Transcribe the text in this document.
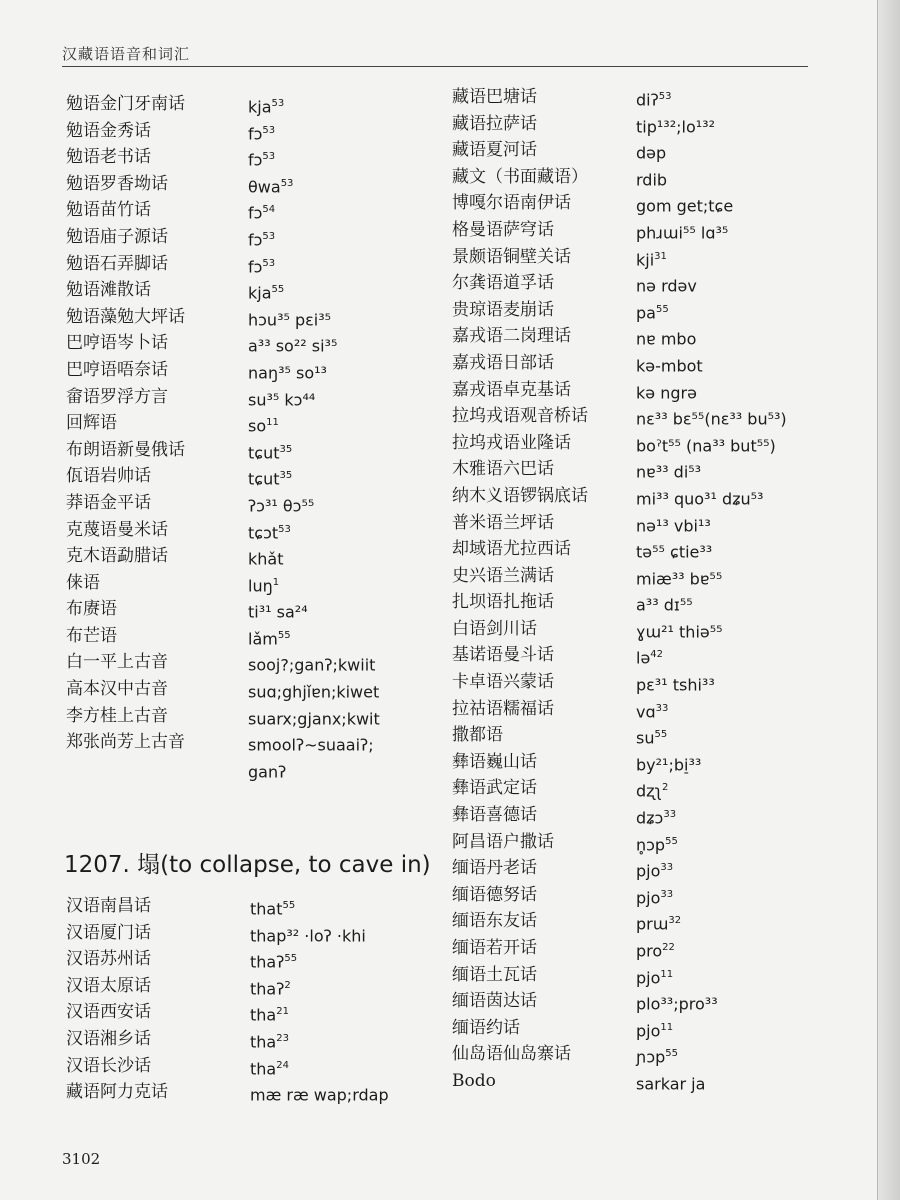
汉藏语语音和词汇
勉语金门牙南话	kja$^{53}$
勉语金秀话	fɔ$^{53}$
勉语老书话	fɔ$^{53}$
勉语罗香坳话	θwa$^{53}$
勉语苗竹话	fɔ$^{54}$
勉语庙子源话	fɔ$^{53}$
勉语石弄脚话	fɔ$^{53}$
勉语滩散话	kja$^{55}$
勉语藻勉大坪话	hɔu³⁵ pɛi³⁵
巴哼语岑卜话	a³³ so²² si³⁵
巴哼语唔奈话	naŋ³⁵ so¹³
畲语罗浮方言	su³⁵ kɔ⁴⁴
回辉语	$so^{11}$
布朗语新曼俄话	tɕut$^{35}$
佤语岩帅话	tɕut$^{35}$
莽语金平话	ʔɔ³¹ θɔ⁵⁵
克蔑语曼米话	tɕɔt$^{53}$
克木语勐腊话	khǎt
俫语	luŋ$^1$
布赓语	ti³¹ sa²⁴
布芒语	lǎm$^{55}$
白一平上古音	sooj?;ganʔ;kwiit
高本汉中古音	suɑ;ghjǐɐn;kiwet
李方桂上古音	suarx;gjanx;kwit
郑张尚芳上古音	smoolʔ~suaaiʔ;
ganʔ
1207. 塌(to collapse, to cave in)
汉语南昌话	that$^{55}$
汉语厦门话	thap³² ·loʔ ·khi
汉语苏州话	thaʔ$^{55}$
汉语太原话	thaʔ$^2$
汉语西安话	tha$^{21}$
汉语湘乡话	tha$^{23}$
汉语长沙话	tha$^{24}$
藏语阿力克话	mæ ræ wap;rdap
藏语巴塘话	diʔ$^{53}$
藏语拉萨话	tip¹³²;lo¹³²
藏语夏河话	dəp
藏文（书面藏语）	rdib
博嘎尔语南伊话	gom get;tɕe
格曼语萨穹话	phɹɯi⁵⁵ lɑ³⁵
景颇语铜壁关话	kji$^{31}$
尔龚语道孚话	nə rdəv
贵琼语麦崩话	$pa^{55}$
嘉戎语二岗理话	nɐ mbo
嘉戎语日部话	kə-mbot
嘉戎语卓克基话	kə ngrə
拉坞戎语观音桥话	nɛ³³ bɛ⁵⁵(nɛ³³ bu⁵³)
拉坞戎语业隆话	boˀt⁵⁵ (na³³ but⁵⁵)
木雅语六巴话	nɐ³³ di⁵³
纳木义语锣锅底话	mi³³ quo³¹ dʑu⁵³
普米语兰坪话	nə¹³ vbi¹³
却域语尤拉西话	tə⁵⁵ ɕtie³³
史兴语兰满话	miæ³³ bɐ⁵⁵
扎坝语扎拖话	a³³ dɪ⁵⁵
白语剑川话	ɣɯ²¹ thiə⁵⁵
基诺语曼斗话	lə$^{42}$
卡卓语兴蒙话	pɛ³¹ tshi³³
拉祜语糯福话	vɑ$^{33}$
撒都语	$su^{55}$
彝语巍山话	by²¹;bi̠³³
彝语武定话	dʐʅ$^2$
彝语喜德话	dʑɔ$^{33}$
阿昌语户撒话	n̥ɔp$^{55}$
缅语丹老话	pjo$^{33}$
缅语德努话	pjo$^{33}$
缅语东友话	prɯ$^{32}$
缅语若开话	pro$^{22}$
缅语土瓦话	pjo$^{11}$
缅语茵达话	plo³³;pro³³
缅语约话	pjo$^{11}$
仙岛语仙岛寨话	ɲɔp$^{55}$
Bodo	sarkar ja
3102
